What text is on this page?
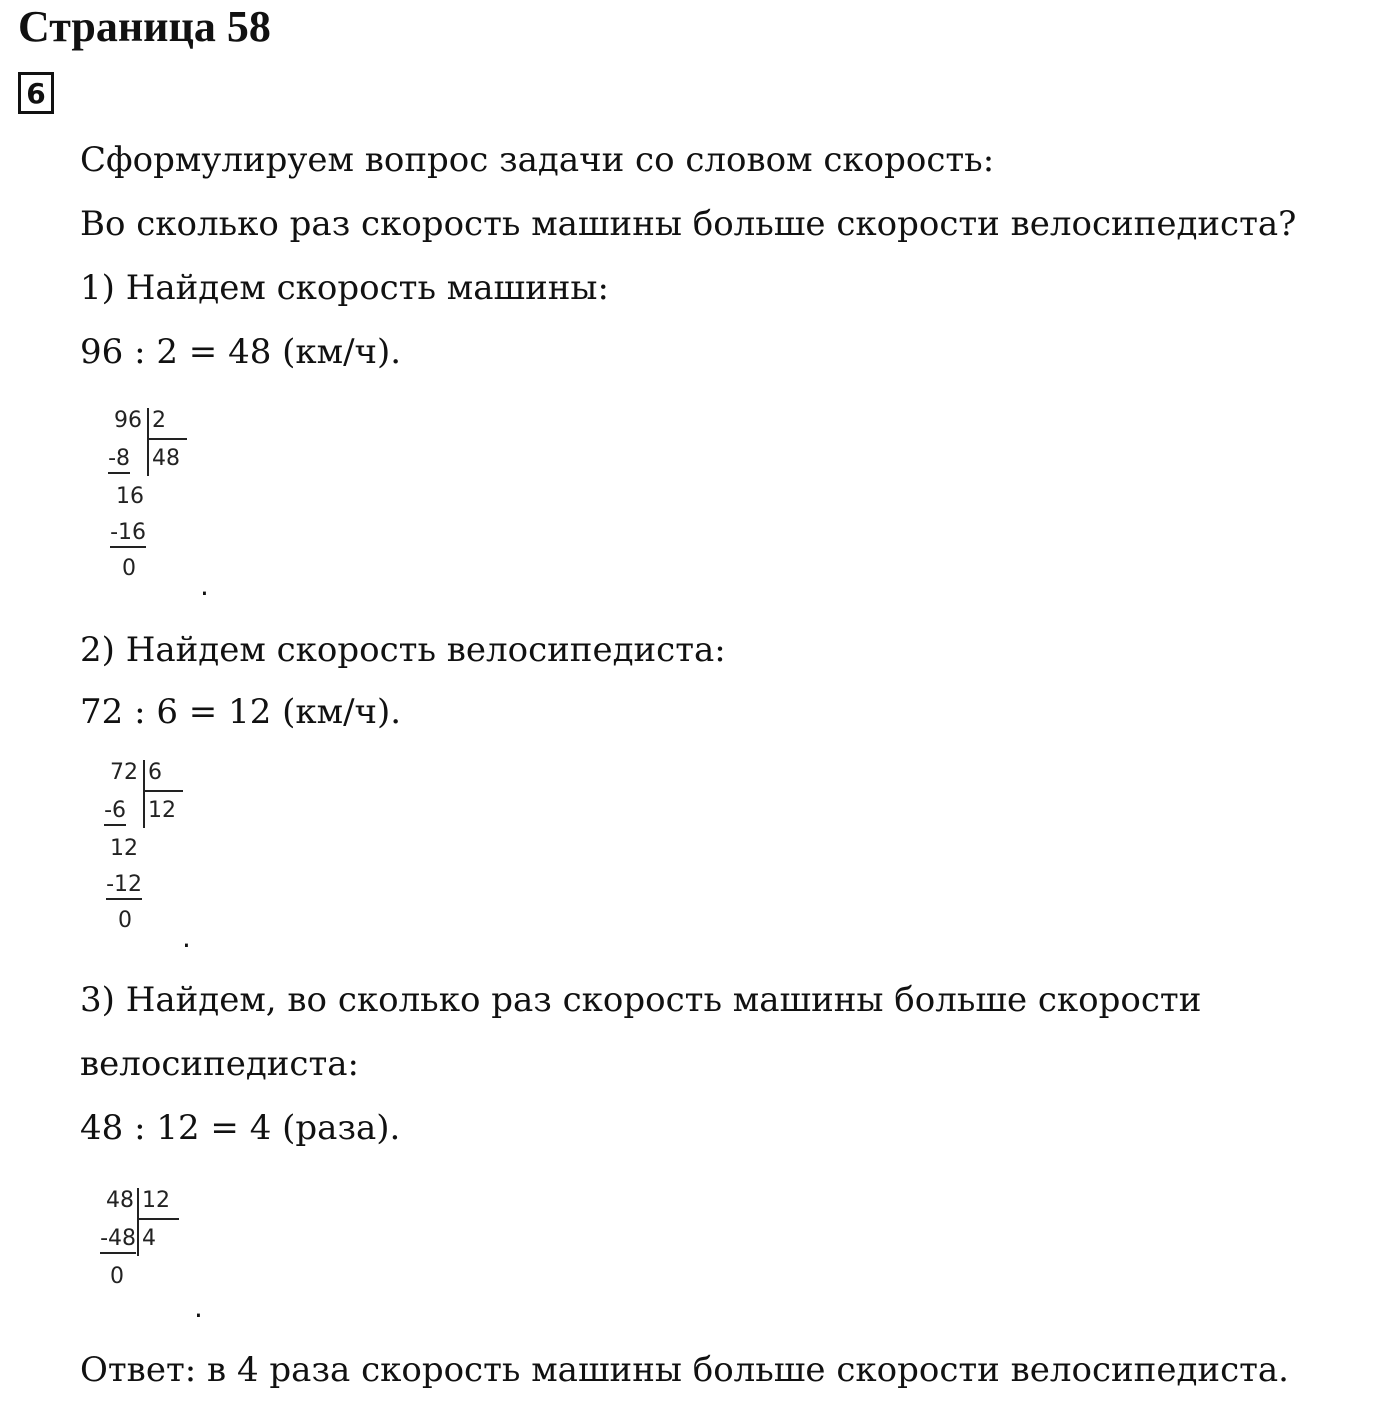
Страница 58
6

Сформулируем вопрос задачи со словом скорость:

Во сколько раз скорость машины больше скорости велосипедиста?

1) Найдем скорость машины:

96 : 2 = 48 (км/ч).

96 2
-8 48
16
-16
0
.

2) Найдем скорость велосипедиста:

72 : 6 = 12 (км/ч).

72 6
-6 12
12
-12
0
.

3) Найдем, во сколько раз скорость машины больше скорости

велосипедиста:

48 : 12 = 4 (раза).

48 12
-48 4
0
.

Ответ: в 4 раза скорость машины больше скорости велосипедиста.
